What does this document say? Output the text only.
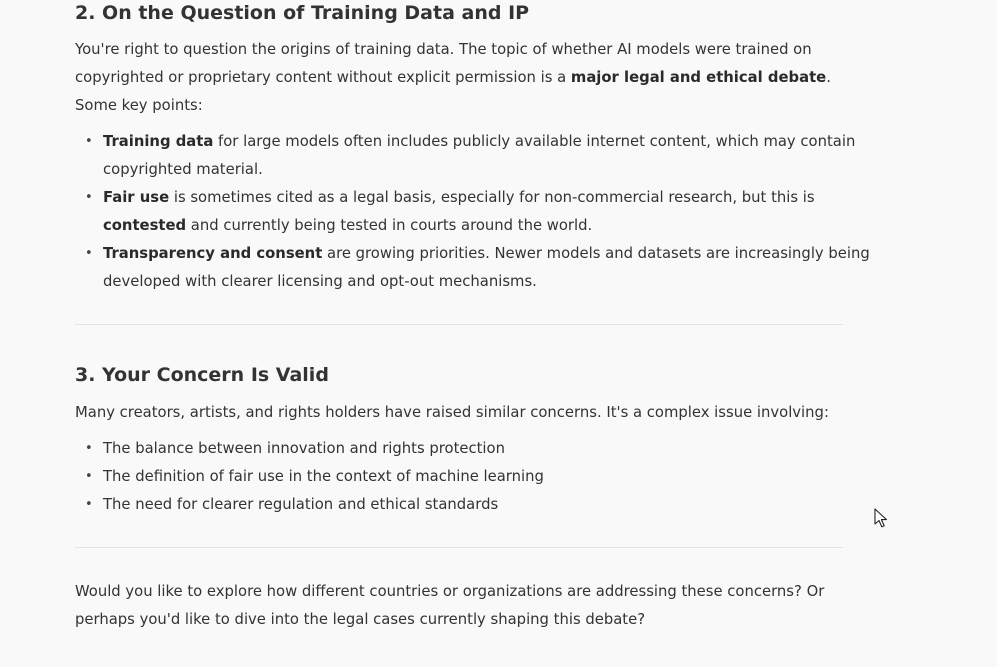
2. On the Question of Training Data and IP

You're right to question the origins of training data. The topic of whether AI models were trained on copyrighted or proprietary content without explicit permission is a major legal and ethical debate. Some key points:

• Training data for large models often includes publicly available internet content, which may contain copyrighted material.
• Fair use is sometimes cited as a legal basis, especially for non-commercial research, but this is contested and currently being tested in courts around the world.
• Transparency and consent are growing priorities. Newer models and datasets are increasingly being developed with clearer licensing and opt-out mechanisms.
3. Your Concern Is Valid

Many creators, artists, and rights holders have raised similar concerns. It's a complex issue involving:

• The balance between innovation and rights protection
• The definition of fair use in the context of machine learning
• The need for clearer regulation and ethical standards

Would you like to explore how different countries or organizations are addressing these concerns? Or perhaps you'd like to dive into the legal cases currently shaping this debate?
